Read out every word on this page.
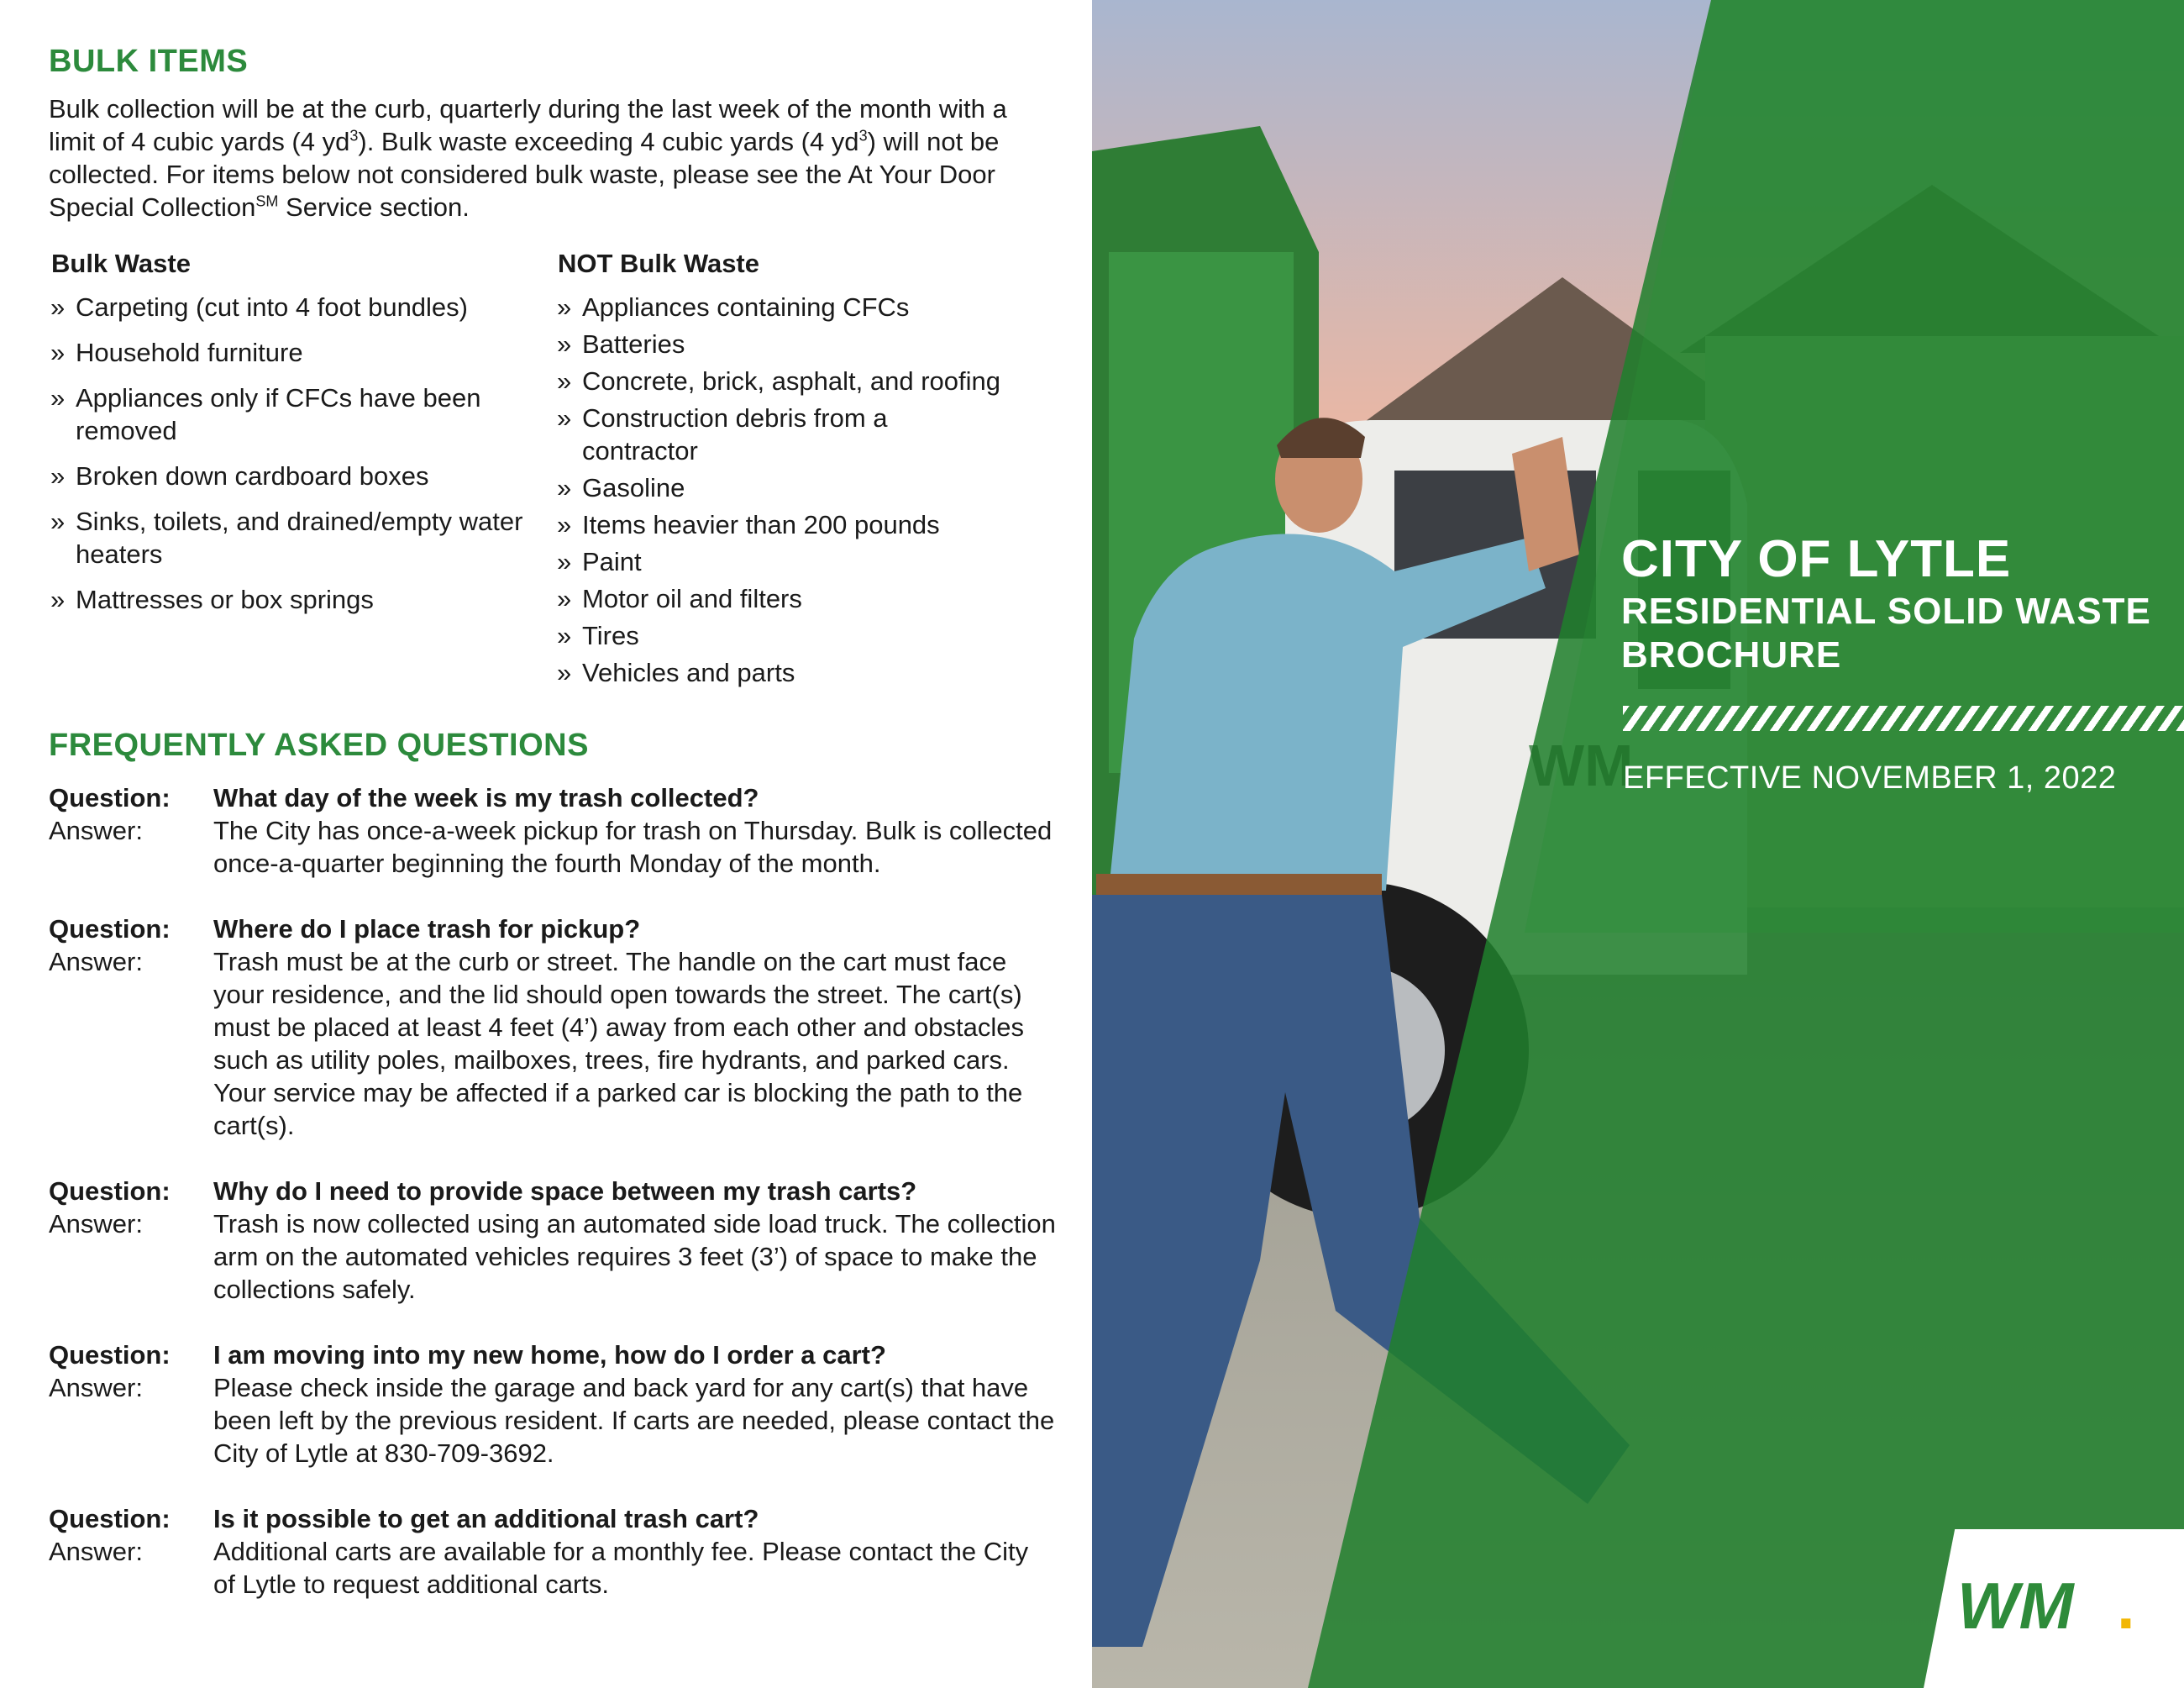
BULK ITEMS

Bulk collection will be at the curb, quarterly during the last week of the month with a limit of 4 cubic yards (4 $yd^3$). Bulk waste exceeding 4 cubic yards (4 $yd^3$) will not be collected. For items below not considered bulk waste, please see the At Your Door Special Collection℠ Service section.

Bulk Waste
» Carpeting (cut into 4 foot bundles)
» Household furniture
» Appliances only if CFCs have been removed
» Broken down cardboard boxes
» Sinks, toilets, and drained/empty water heaters
» Mattresses or box springs
NOT Bulk Waste
» Appliances containing CFCs
» Batteries
» Concrete, brick, asphalt, and roofing
» Construction debris from a contractor
» Gasoline
» Items heavier than 200 pounds
» Paint
» Motor oil and filters
» Tires
» Vehicles and parts
FREQUENTLY ASKED QUESTIONS
Question:	What day of the week is my trash collected?
Answer:	The City has once-a-week pickup for trash on Thursday. Bulk is collected once-a-quarter beginning the fourth Monday of the month.
Question:	Where do I place trash for pickup?
Answer:	Trash must be at the curb or street. The handle on the cart must face your residence, and the lid should open towards the street. The cart(s) must be placed at least 4 feet (4’) away from each other and obstacles such as utility poles, mailboxes, trees, fire hydrants, and parked cars. Your service may be affected if a parked car is blocking the path to the cart(s).
Question:	Why do I need to provide space between my trash carts?
Answer:	Trash is now collected using an automated side load truck. The collection arm on the automated vehicles requires 3 feet (3’) of space to make the collections safely.
Question:	I am moving into my new home, how do I order a cart?
Answer:	Please check inside the garage and back yard for any cart(s) that have been left by the previous resident. If carts are needed, please contact the City of Lytle at 830-709-3692.
Question:	Is it possible to get an additional trash cart?
Answer:	Additional carts are available for a monthly fee. Please contact the City of Lytle to request additional carts.
WM
CITY OF LYTLE
RESIDENTIAL SOLID WASTE BROCHURE
EFFECTIVE NOVEMBER 1, 2022
WM .
